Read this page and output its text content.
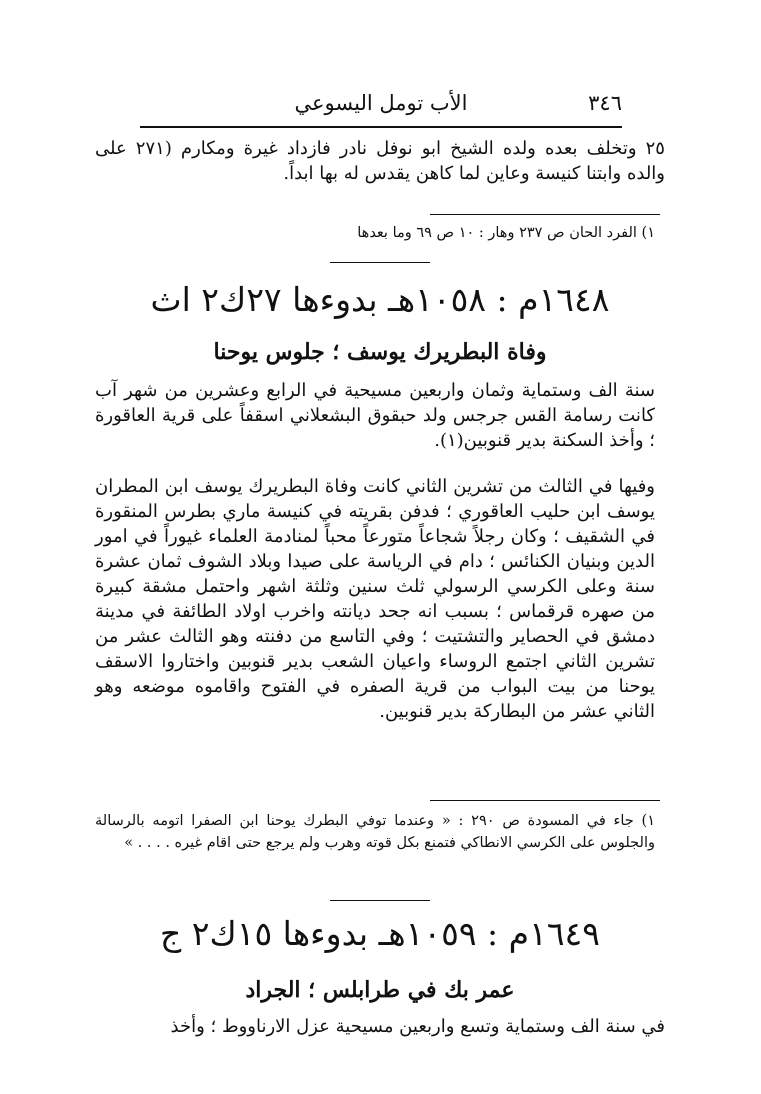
الأب تومل اليسوعي	٣٤٦
٢٥ وتخلف بعده ولده الشيخ ابو نوفل نادر فازداد غيرة ومكارم (٢٧١ على والده وابتنا كنيسة وعاين لما كاهن يقدس له بها ابداً.
١) الفرد الحان ص ٢٣٧ وهار : ١٠ ص ٦٩ وما بعدها
١٦٤٨م : ١٠٥٨هـ بدوءها ٢٧ك٢ اث
وفاة البطريرك يوسف ؛ جلوس يوحنا
سنة الف وستماية وثمان واربعين مسيحية في الرابع وعشرين من شهر آب كانت رسامة القس جرجس ولد حبقوق البشعلاني اسقفاً على قرية العاقورة ؛ وأخذ السكنة بدير قنوبين(١).
وفيها في الثالث من تشرين الثاني كانت وفاة البطريرك يوسف ابن المطران يوسف ابن حليب العاقوري ؛ فدفن بقريته في كنيسة ماري بطرس المنقورة في الشقيف ؛ وكان رجلاً شجاعاً متورعاً محباً لمنادمة العلماء غيوراً في امور الدين وبنيان الكنائس ؛ دام في الرياسة على صيدا وبلاد الشوف ثمان عشرة سنة وعلى الكرسي الرسولي ثلث سنين وثلثة اشهر واحتمل مشقة كبيرة من صهره قرقماس ؛ بسبب انه جحد ديانته واخرب اولاد الطائفة في مدينة دمشق في الحصاير والتشتيت ؛ وفي التاسع من دفنته وهو الثالث عشر من تشرين الثاني اجتمع الروساء واعيان الشعب بدير قنوبين واختاروا الاسقف يوحنا من بيت البواب من قرية الصفره في الفتوح واقاموه موضعه وهو الثاني عشر من البطاركة بدير قنوبين.
١) جاء في المسودة ص ٢٩٠ : « وعندما توفي البطرك يوحنا ابن الصفرا اتومه بالرسالة والجلوس على الكرسي الانطاكي فتمنع بكل قوته وهرب ولم يرجع حتى اقام غيره . . . . »
١٦٤٩م : ١٠٥٩هـ بدوءها ١٥ك٢ ج
عمر بك في طرابلس ؛ الجراد
في سنة الف وستماية وتسع واربعين مسيحية عزل الارناووط ؛ وأخذ
